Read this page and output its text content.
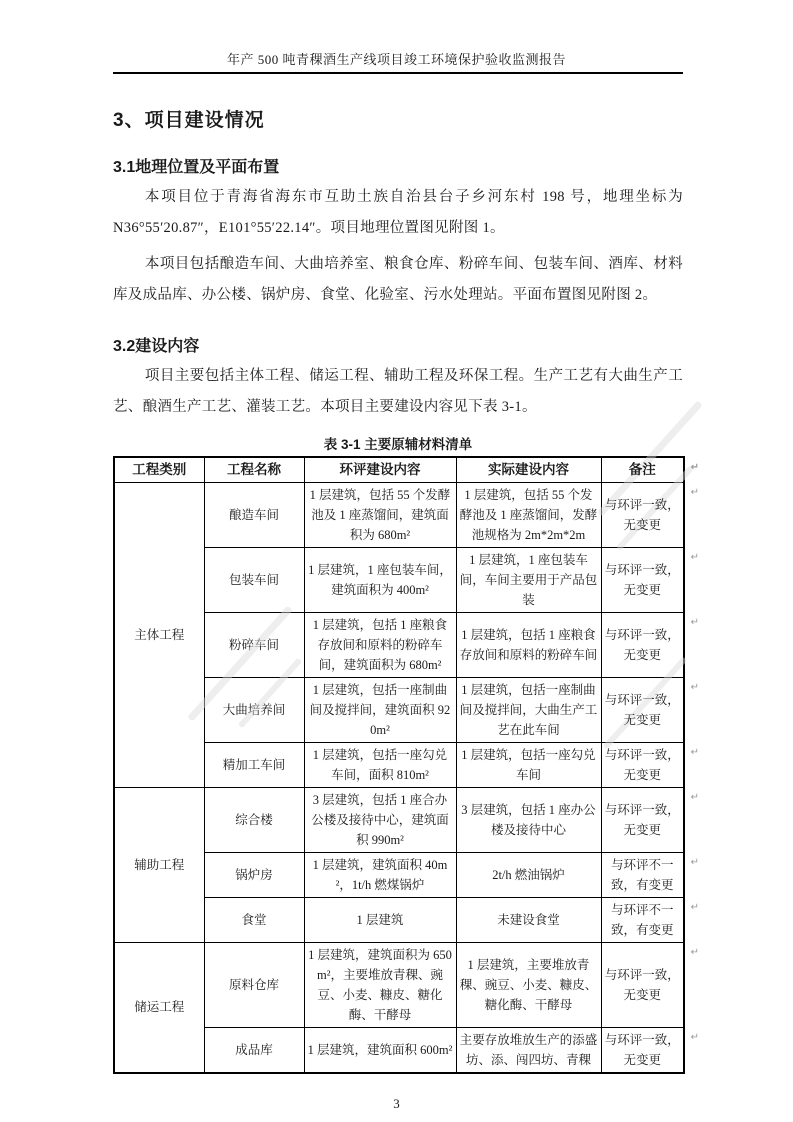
年产 500 吨青稞酒生产线项目竣工环境保护验收监测报告
3、项目建设情况
3.1地理位置及平面布置

本项目位于青海省海东市互助土族自治县台子乡河东村 198 号，地理坐标为N36°55′20.87″，E101°55′22.14″。项目地理位置图见附图 1。

本项目包括酿造车间、大曲培养室、粮食仓库、粉碎车间、包装车间、酒库、材料库及成品库、办公楼、锅炉房、食堂、化验室、污水处理站。平面布置图见附图 2。

3.2建设内容

项目主要包括主体工程、储运工程、辅助工程及环保工程。生产工艺有大曲生产工艺、酿酒生产工艺、灌装工艺。本项目主要建设内容见下表 3-1。

表 3-1 主要原辅材料清单
工程类别	工程名称	环评建设内容	实际建设内容	备注 ↵

主体工程	酿造车间	1 层建筑，包括 55 个发酵池及 1 座蒸馏间，建筑面积为 680m²	1 层建筑，包括 55 个发酵池及 1 座蒸馏间，发酵池规格为 2m*2m*2m	与环评一致，无变更
↵

	包装车间	1 层建筑，1 座包装车间，建筑面积为 400m²	1 层建筑，1 座包装车间，车间主要用于产品包装	与环评一致，无变更
↵

	粉碎车间	1 层建筑，包括 1 座粮食存放间和原料的粉碎车间，建筑面积为 680m²	1 层建筑，包括 1 座粮食存放间和原料的粉碎车间	与环评一致，无变更
↵

	大曲培养间	1 层建筑，包括一座制曲间及搅拌间，建筑面积 920m²	1 层建筑，包括一座制曲间及搅拌间，大曲生产工艺在此车间	与环评一致，无变更
↵

	精加工车间	1 层建筑，包括一座勾兑车间，面积 810m²	1 层建筑，包括一座勾兑车间	与环评一致，无变更
↵

辅助工程	综合楼	3 层建筑，包括 1 座合办公楼及接待中心，建筑面积 990m²	3 层建筑，包括 1 座办公楼及接待中心	与环评一致，无变更
↵

	锅炉房	1 层建筑，建筑面积 40m²，1t/h 燃煤锅炉	2t/h 燃油锅炉	与环评不一致，有变更
↵

	食堂	1 层建筑	未建设食堂	与环评不一致，有变更
↵

储运工程	原料仓库	1 层建筑，建筑面积为 650m²，主要堆放青稞、豌豆、小麦、糠皮、糖化酶、干酵母	1 层建筑，主要堆放青稞、豌豆、小麦、糠皮、糖化酶、干酵母	与环评一致，无变更
↵

	成品库	1 层建筑，建筑面积 600m²	主要存放堆放生产的添盛坊、添、闯四坊、青稞	与环评一致，无变更
↵
3
